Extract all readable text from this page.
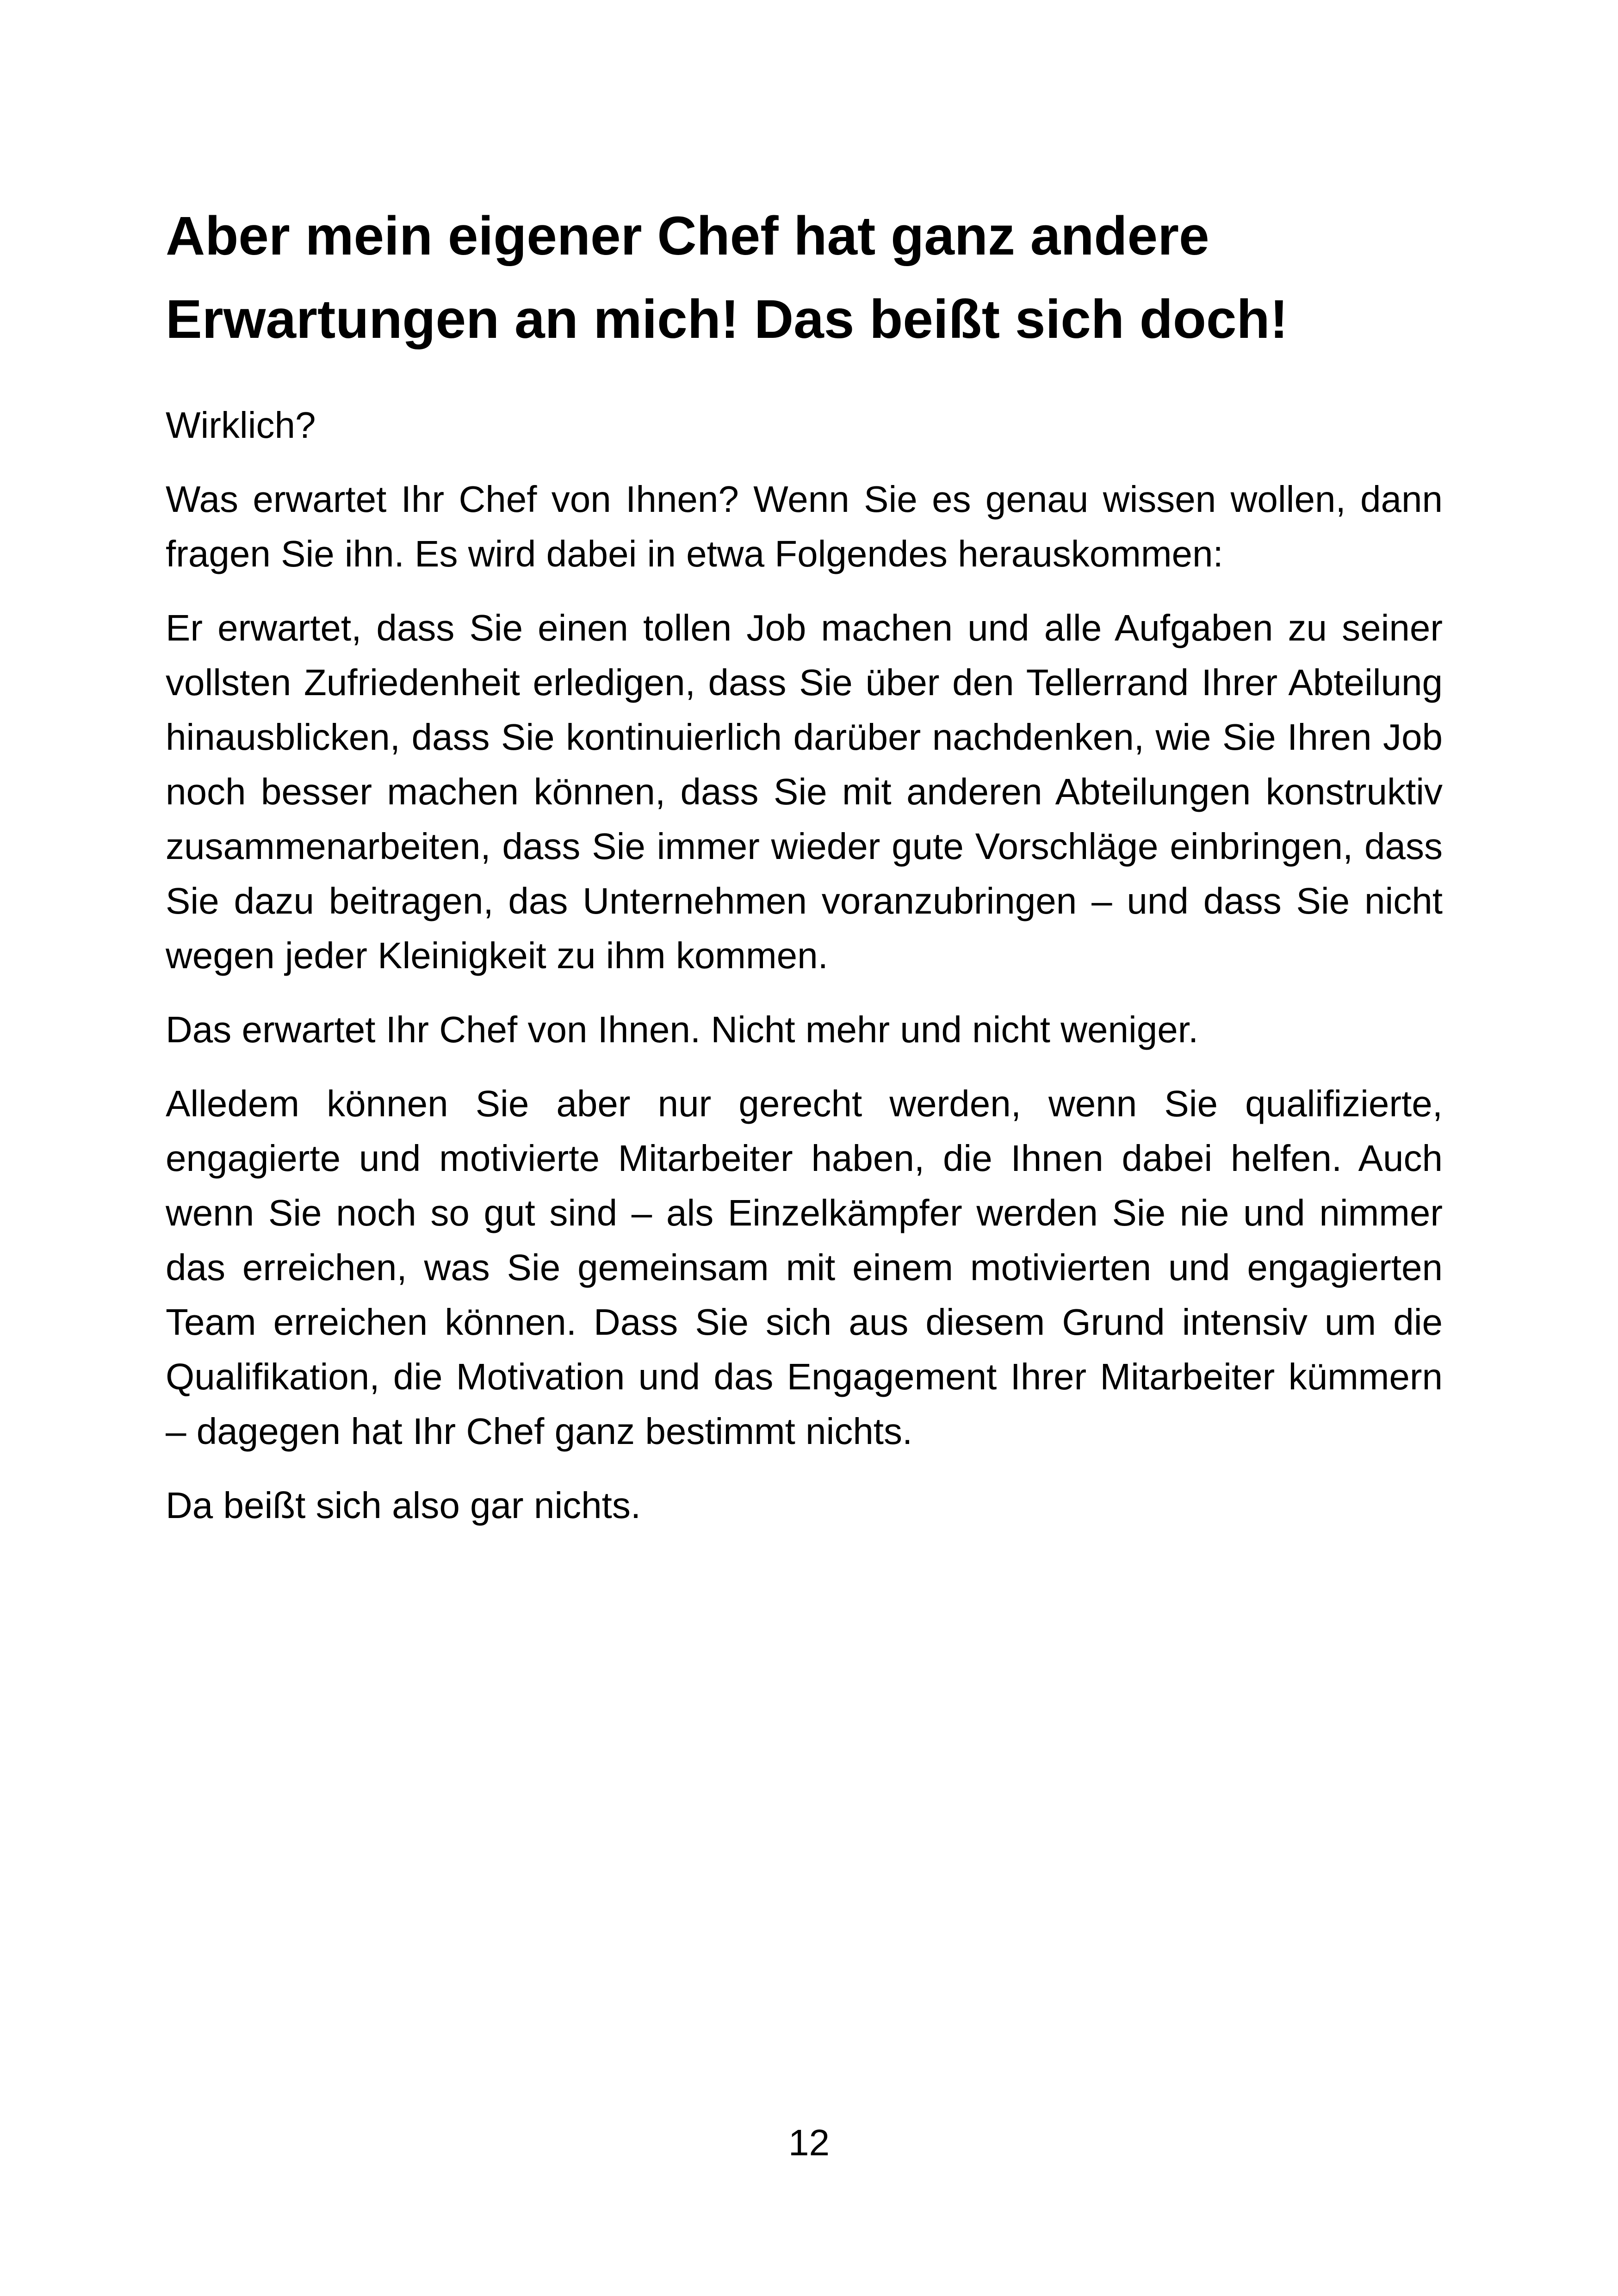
Aber mein eigener Chef hat ganz andere Erwartungen an mich! Das beißt sich doch!

Wirklich?

Was erwartet Ihr Chef von Ihnen? Wenn Sie es genau wissen wollen, dann fragen Sie ihn. Es wird dabei in etwa Folgendes herauskommen:

Er erwartet, dass Sie einen tollen Job machen und alle Aufgaben zu seiner vollsten Zufriedenheit erledigen, dass Sie über den Tellerrand Ihrer Abteilung hinausblicken, dass Sie kontinuierlich darüber nachdenken, wie Sie Ihren Job noch besser machen können, dass Sie mit anderen Abteilungen konstruktiv zusammenarbeiten, dass Sie immer wieder gute Vorschläge einbringen, dass Sie dazu beitragen, das Unternehmen voranzubringen – und dass Sie nicht wegen jeder Kleinigkeit zu ihm kommen.

Das erwartet Ihr Chef von Ihnen. Nicht mehr und nicht weniger.

Alledem können Sie aber nur gerecht werden, wenn Sie qualifizierte, engagierte und motivierte Mitarbeiter haben, die Ihnen dabei helfen. Auch wenn Sie noch so gut sind – als Einzelkämpfer werden Sie nie und nimmer das erreichen, was Sie gemeinsam mit einem motivierten und engagierten Team erreichen können. Dass Sie sich aus diesem Grund intensiv um die Qualifikation, die Motivation und das Engagement Ihrer Mitarbeiter kümmern – dagegen hat Ihr Chef ganz bestimmt nichts.

Da beißt sich also gar nichts.

12
